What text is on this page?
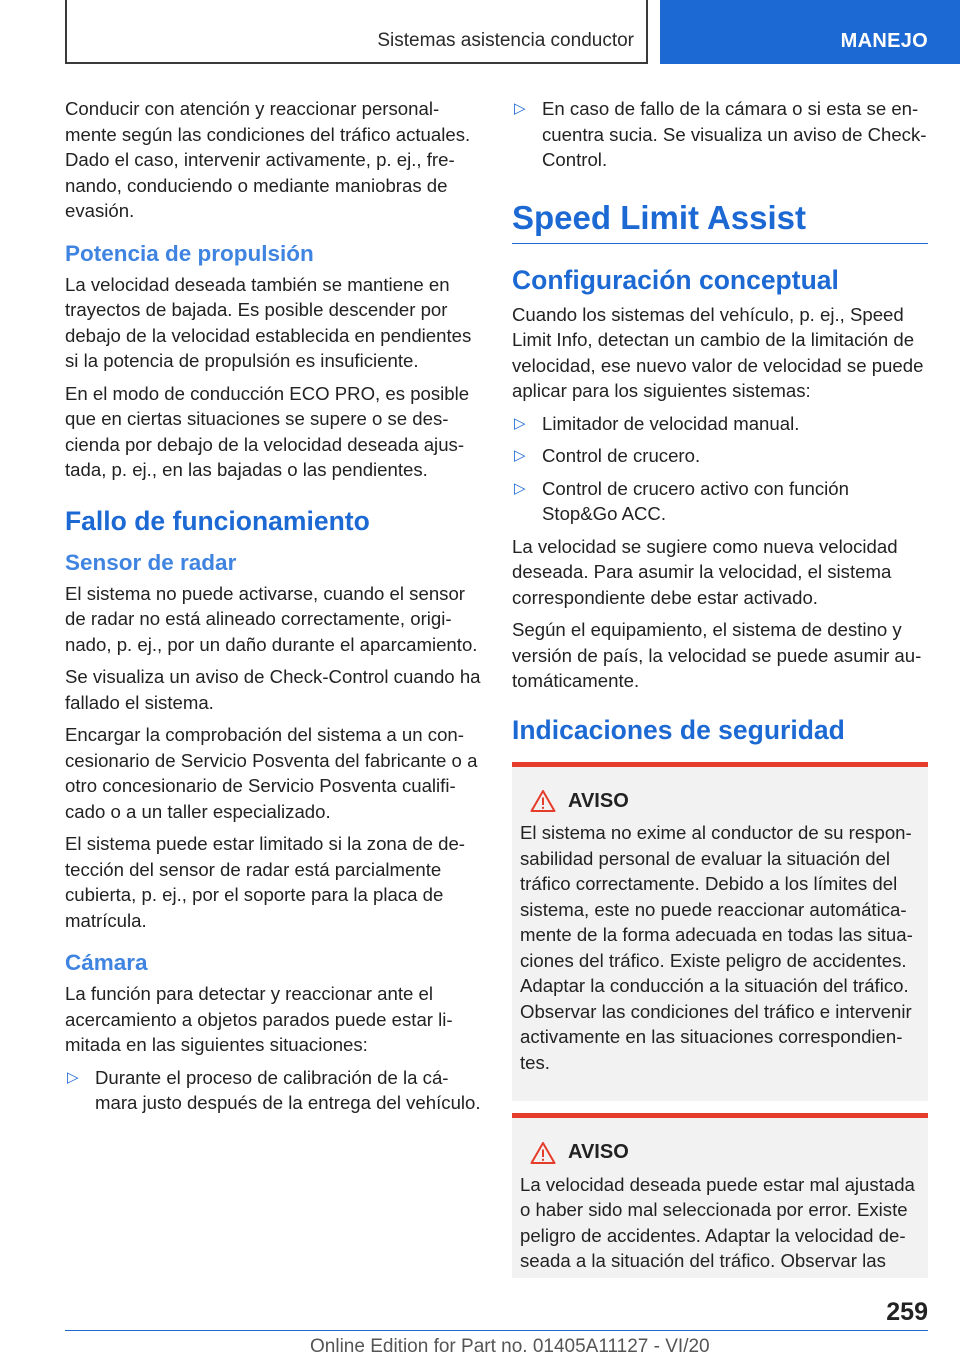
Sistemas asistencia conductor	MANEJO

Conducir con atención y reaccionar personalmente según las condiciones del tráfico actuales. Dado el caso, intervenir activamente, p. ej., frenando, conduciendo o mediante maniobras de evasión.

Potencia de propulsión

La velocidad deseada también se mantiene en trayectos de bajada. Es posible descender por debajo de la velocidad establecida en pendientes si la potencia de propulsión es insuficiente.

En el modo de conducción ECO PRO, es posible que en ciertas situaciones se supere o se descienda por debajo de la velocidad deseada ajustada, p. ej., en las bajadas o las pendientes.

Fallo de funcionamiento
Sensor de radar

El sistema no puede activarse, cuando el sensor de radar no está alineado correctamente, originado, p. ej., por un daño durante el aparcamiento.

Se visualiza un aviso de Check-Control cuando ha fallado el sistema.

Encargar la comprobación del sistema a un concesionario de Servicio Posventa del fabricante o a otro concesionario de Servicio Posventa cualificado o a un taller especializado.

El sistema puede estar limitado si la zona de detección del sensor de radar está parcialmente cubierta, p. ej., por el soporte para la placa de matrícula.

Cámara

La función para detectar y reaccionar ante el acercamiento a objetos parados puede estar limitada en las siguientes situaciones:

▷ Durante el proceso de calibración de la cámara justo después de la entrega del vehículo.
▷ En caso de fallo de la cámara o si esta se encuentra sucia. Se visualiza un aviso de Check-Control.
Speed Limit Assist
Configuración conceptual

Cuando los sistemas del vehículo, p. ej., Speed Limit Info, detectan un cambio de la limitación de velocidad, ese nuevo valor de velocidad se puede aplicar para los siguientes sistemas:

▷ Limitador de velocidad manual.
▷ Control de crucero.
▷ Control de crucero activo con función Stop&Go ACC.

La velocidad se sugiere como nueva velocidad deseada. Para asumir la velocidad, el sistema correspondiente debe estar activado.

Según el equipamiento, el sistema de destino y versión de país, la velocidad se puede asumir automáticamente.

Indicaciones de seguridad
AVISO
El sistema no exime al conductor de su responsabilidad personal de evaluar la situación del tráfico correctamente. Debido a los límites del sistema, este no puede reaccionar automáticamente de la forma adecuada en todas las situaciones del tráfico. Existe peligro de accidentes. Adaptar la conducción a la situación del tráfico. Observar las condiciones del tráfico e intervenir activamente en las situaciones correspondientes.
AVISO
La velocidad deseada puede estar mal ajustada o haber sido mal seleccionada por error. Existe peligro de accidentes. Adaptar la velocidad deseada a la situación del tráfico. Observar las
259
Online Edition for Part no. 01405A11127 - VI/20
